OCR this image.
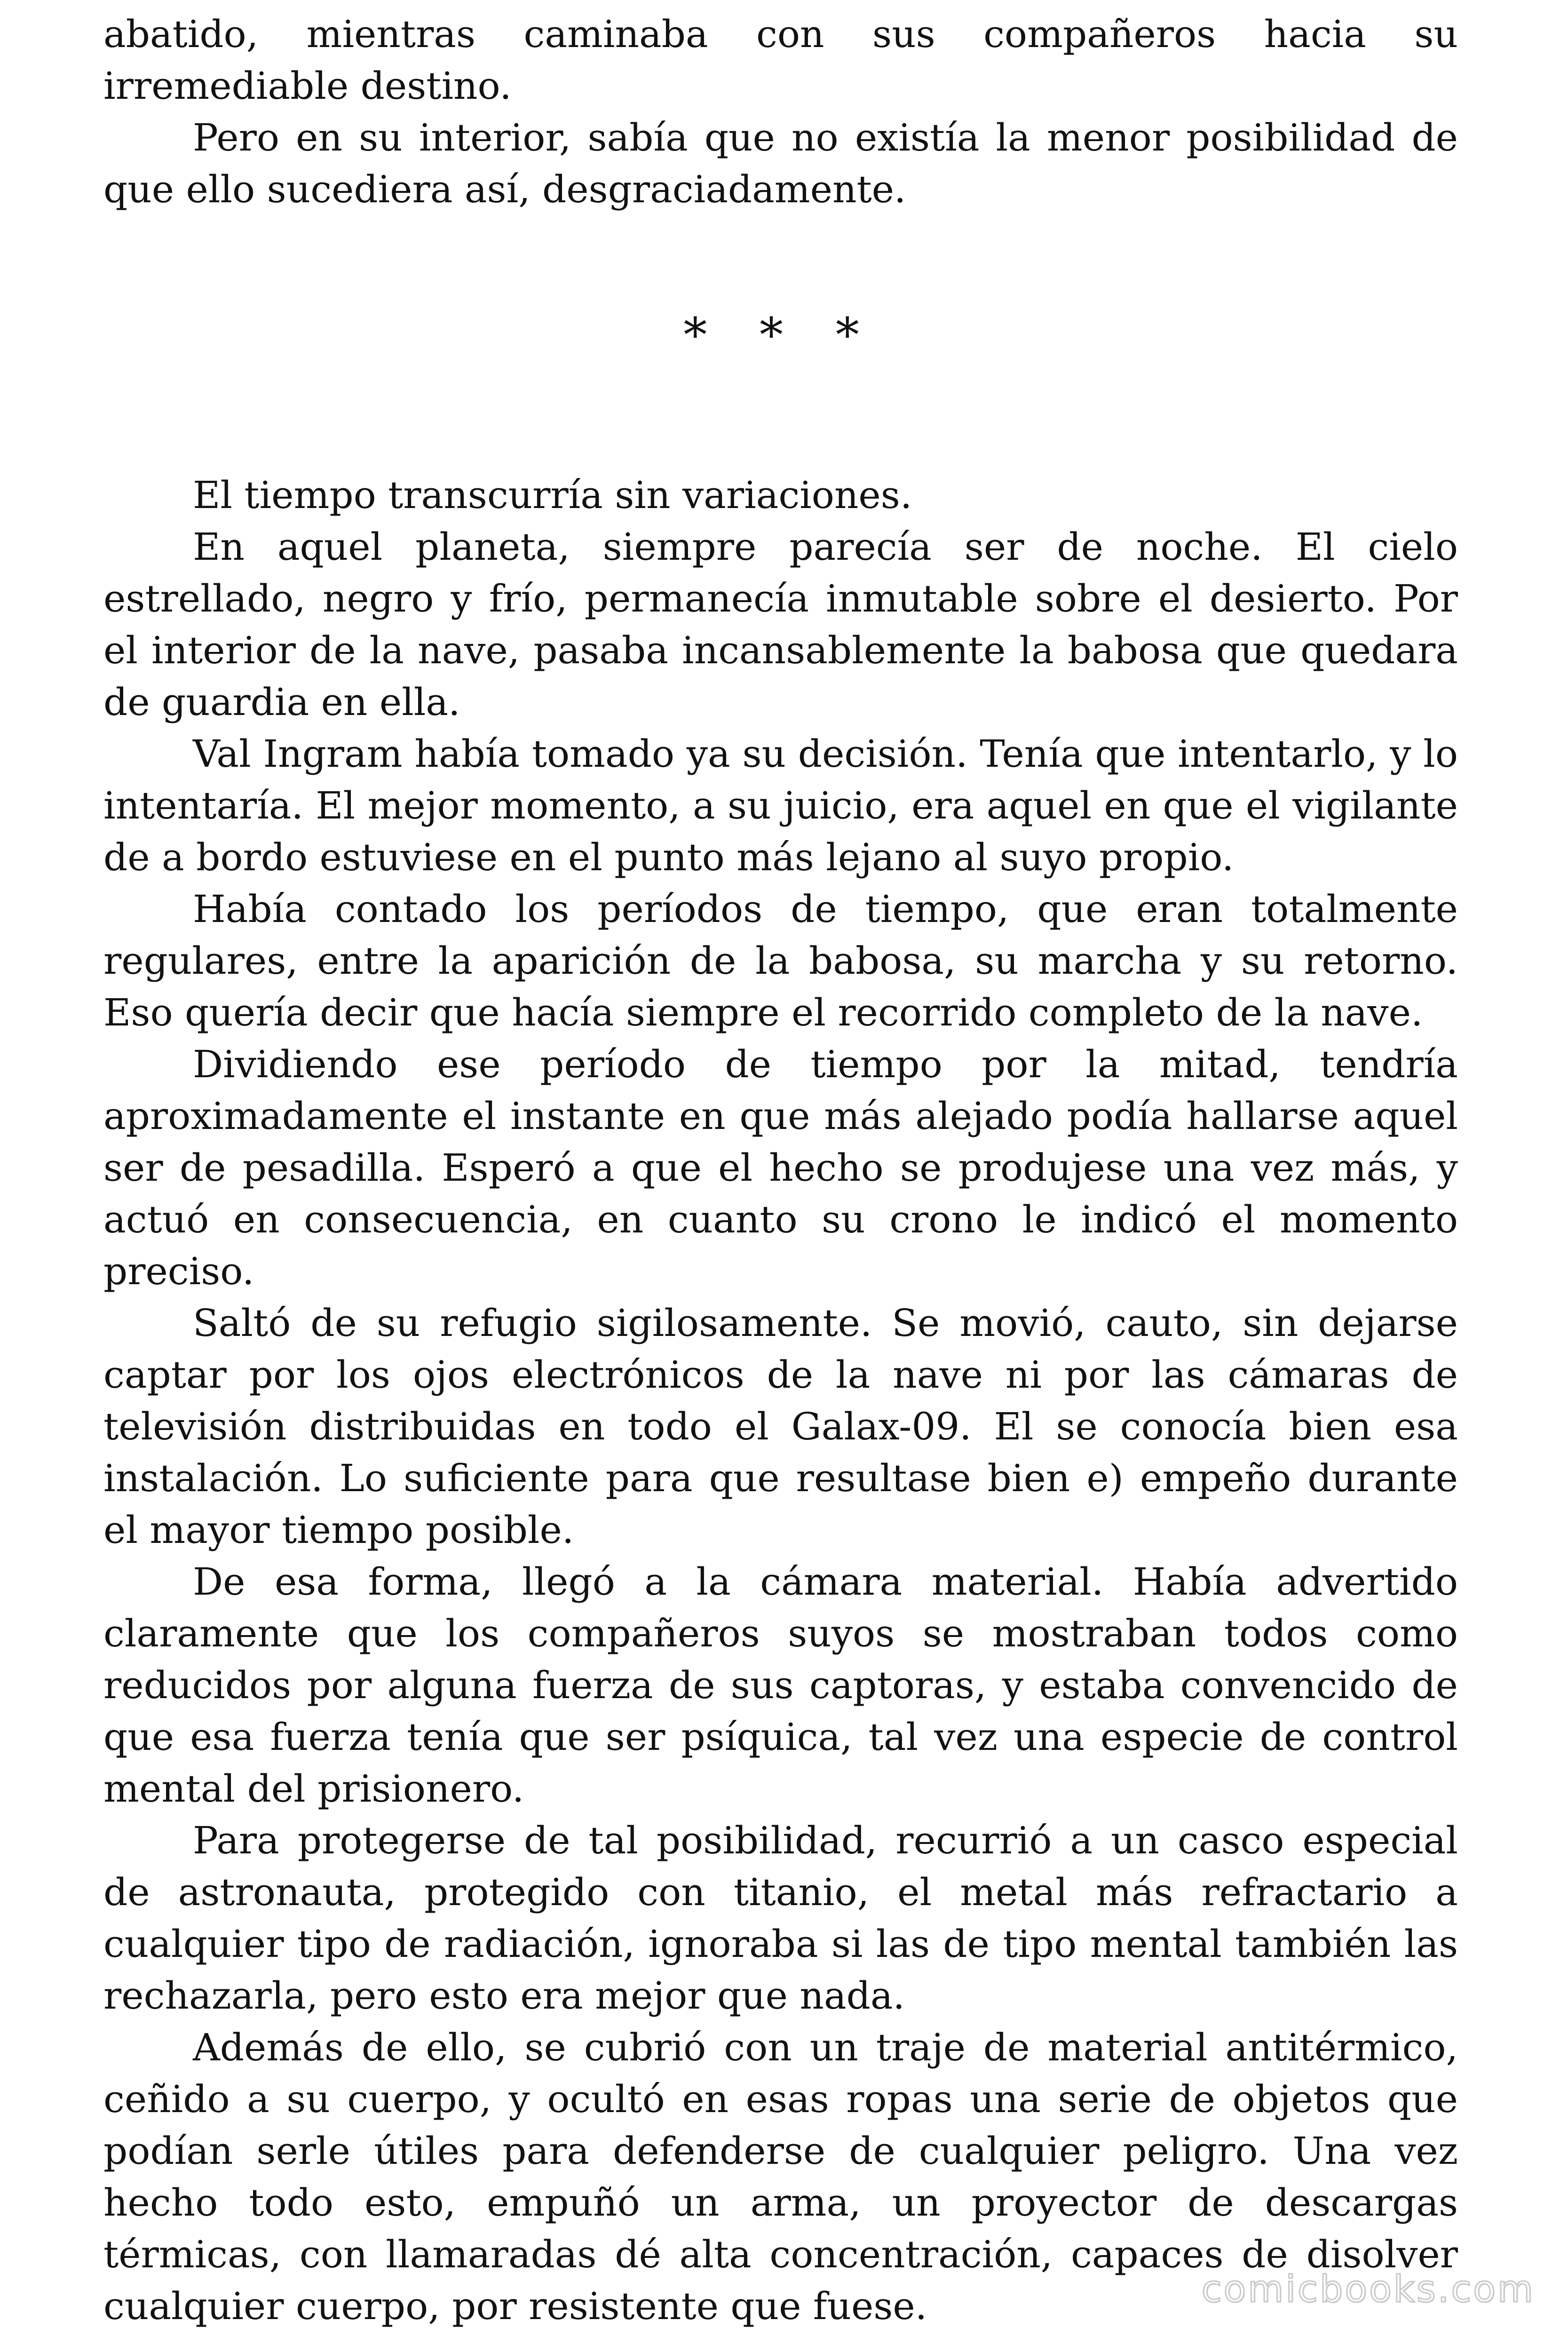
abatido, mientras caminaba con sus compañeros hacia su irremediable destino.

Pero en su interior, sabía que no existía la menor posibilidad de que ello sucediera así, desgraciadamente.

* * *

El tiempo transcurría sin variaciones.

En aquel planeta, siempre parecía ser de noche. El cielo estrellado, negro y frío, permanecía inmutable sobre el desierto. Por el interior de la nave, pasaba incansablemente la babosa que quedara de guardia en ella.

Val Ingram había tomado ya su decisión. Tenía que intentarlo, y lo intentaría. El mejor momento, a su juicio, era aquel en que el vigilante de a bordo estuviese en el punto más lejano al suyo propio.

Había contado los períodos de tiempo, que eran totalmente regulares, entre la aparición de la babosa, su marcha y su retorno. Eso quería decir que hacía siempre el recorrido completo de la nave.

Dividiendo ese período de tiempo por la mitad, tendría aproximadamente el instante en que más alejado podía hallarse aquel ser de pesadilla. Esperó a que el hecho se produjese una vez más, y actuó en consecuencia, en cuanto su crono le indicó el momento preciso.

Saltó de su refugio sigilosamente. Se movió, cauto, sin dejarse captar por los ojos electrónicos de la nave ni por las cámaras de televisión distribuidas en todo el Galax-09. El se conocía bien esa instalación. Lo suficiente para que resultase bien e) empeño durante el mayor tiempo posible.

De esa forma, llegó a la cámara material. Había advertido claramente que los compañeros suyos se mostraban todos como reducidos por alguna fuerza de sus captoras, y estaba convencido de que esa fuerza tenía que ser psíquica, tal vez una especie de control mental del prisionero.

Para protegerse de tal posibilidad, recurrió a un casco especial de astronauta, protegido con titanio, el metal más refractario a cualquier tipo de radiación, ignoraba si las de tipo mental también las rechazarla, pero esto era mejor que nada.

Además de ello, se cubrió con un traje de material antitérmico, ceñido a su cuerpo, y ocultó en esas ropas una serie de objetos que podían serle útiles para defenderse de cualquier peligro. Una vez hecho todo esto, empuñó un arma, un proyector de descargas térmicas, con llamaradas dé alta concentración, capaces de disolver cualquier cuerpo, por resistente que fuese.	comicbooks.com
